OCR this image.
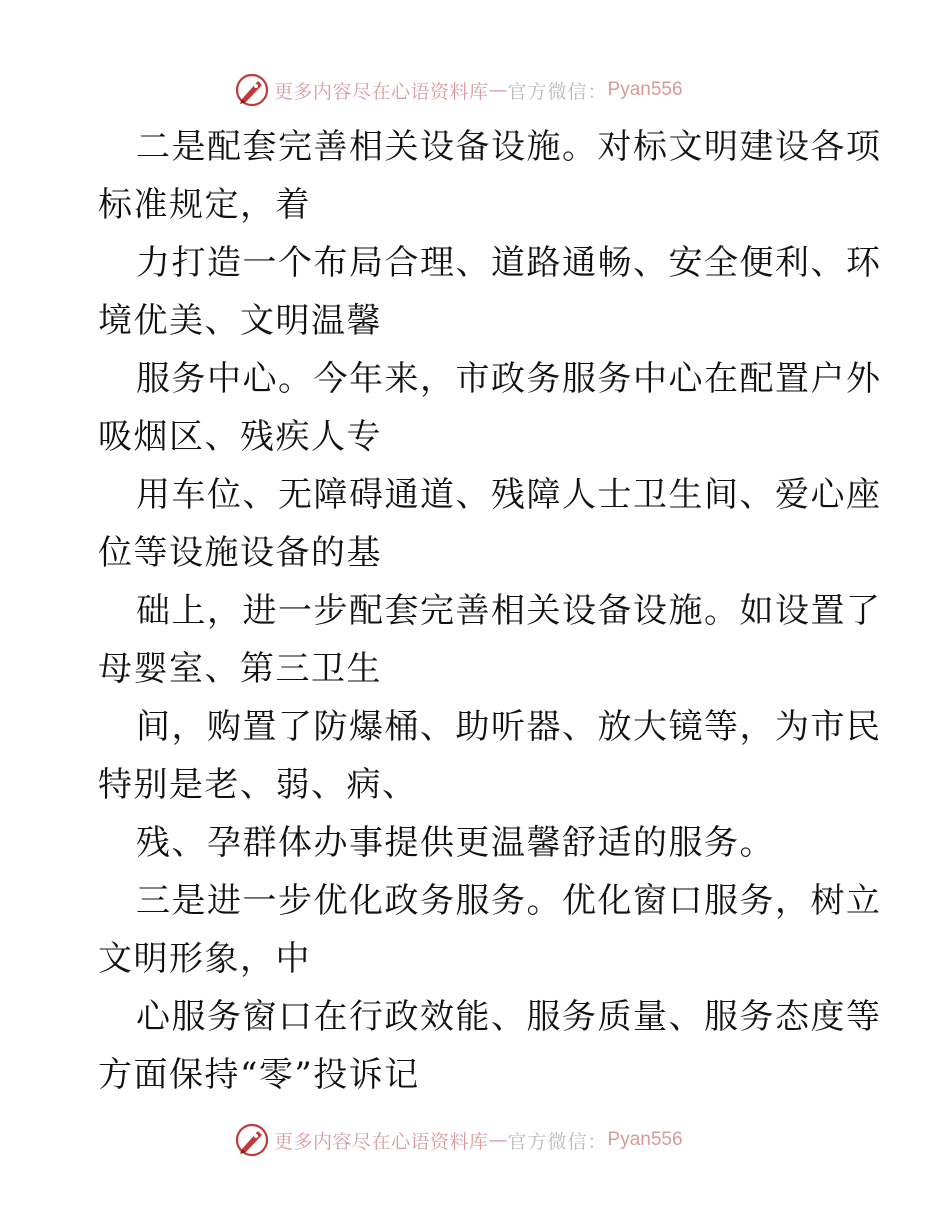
更多内容尽在心语资料库 — 官方微信： Pyan556
二是配套完善相关设备设施。对标文明建设各项
标准规定，着
力打造一个布局合理、道路通畅、安全便利、环
境优美、文明温馨
服务中心。今年来，市政务服务中心在配置户外
吸烟区、残疾人专
用车位、无障碍通道、残障人士卫生间、爱心座
位等设施设备的基
础上，进一步配套完善相关设备设施。如设置了
母婴室、第三卫生
间，购置了防爆桶、助听器、放大镜等，为市民
特别是老、弱、病、
残、孕群体办事提供更温馨舒适的服务。
三是进一步优化政务服务。优化窗口服务，树立
文明形象，中
心服务窗口在行政效能、服务质量、服务态度等
方面保持“零”投诉记
更多内容尽在心语资料库 — 官方微信： Pyan556
